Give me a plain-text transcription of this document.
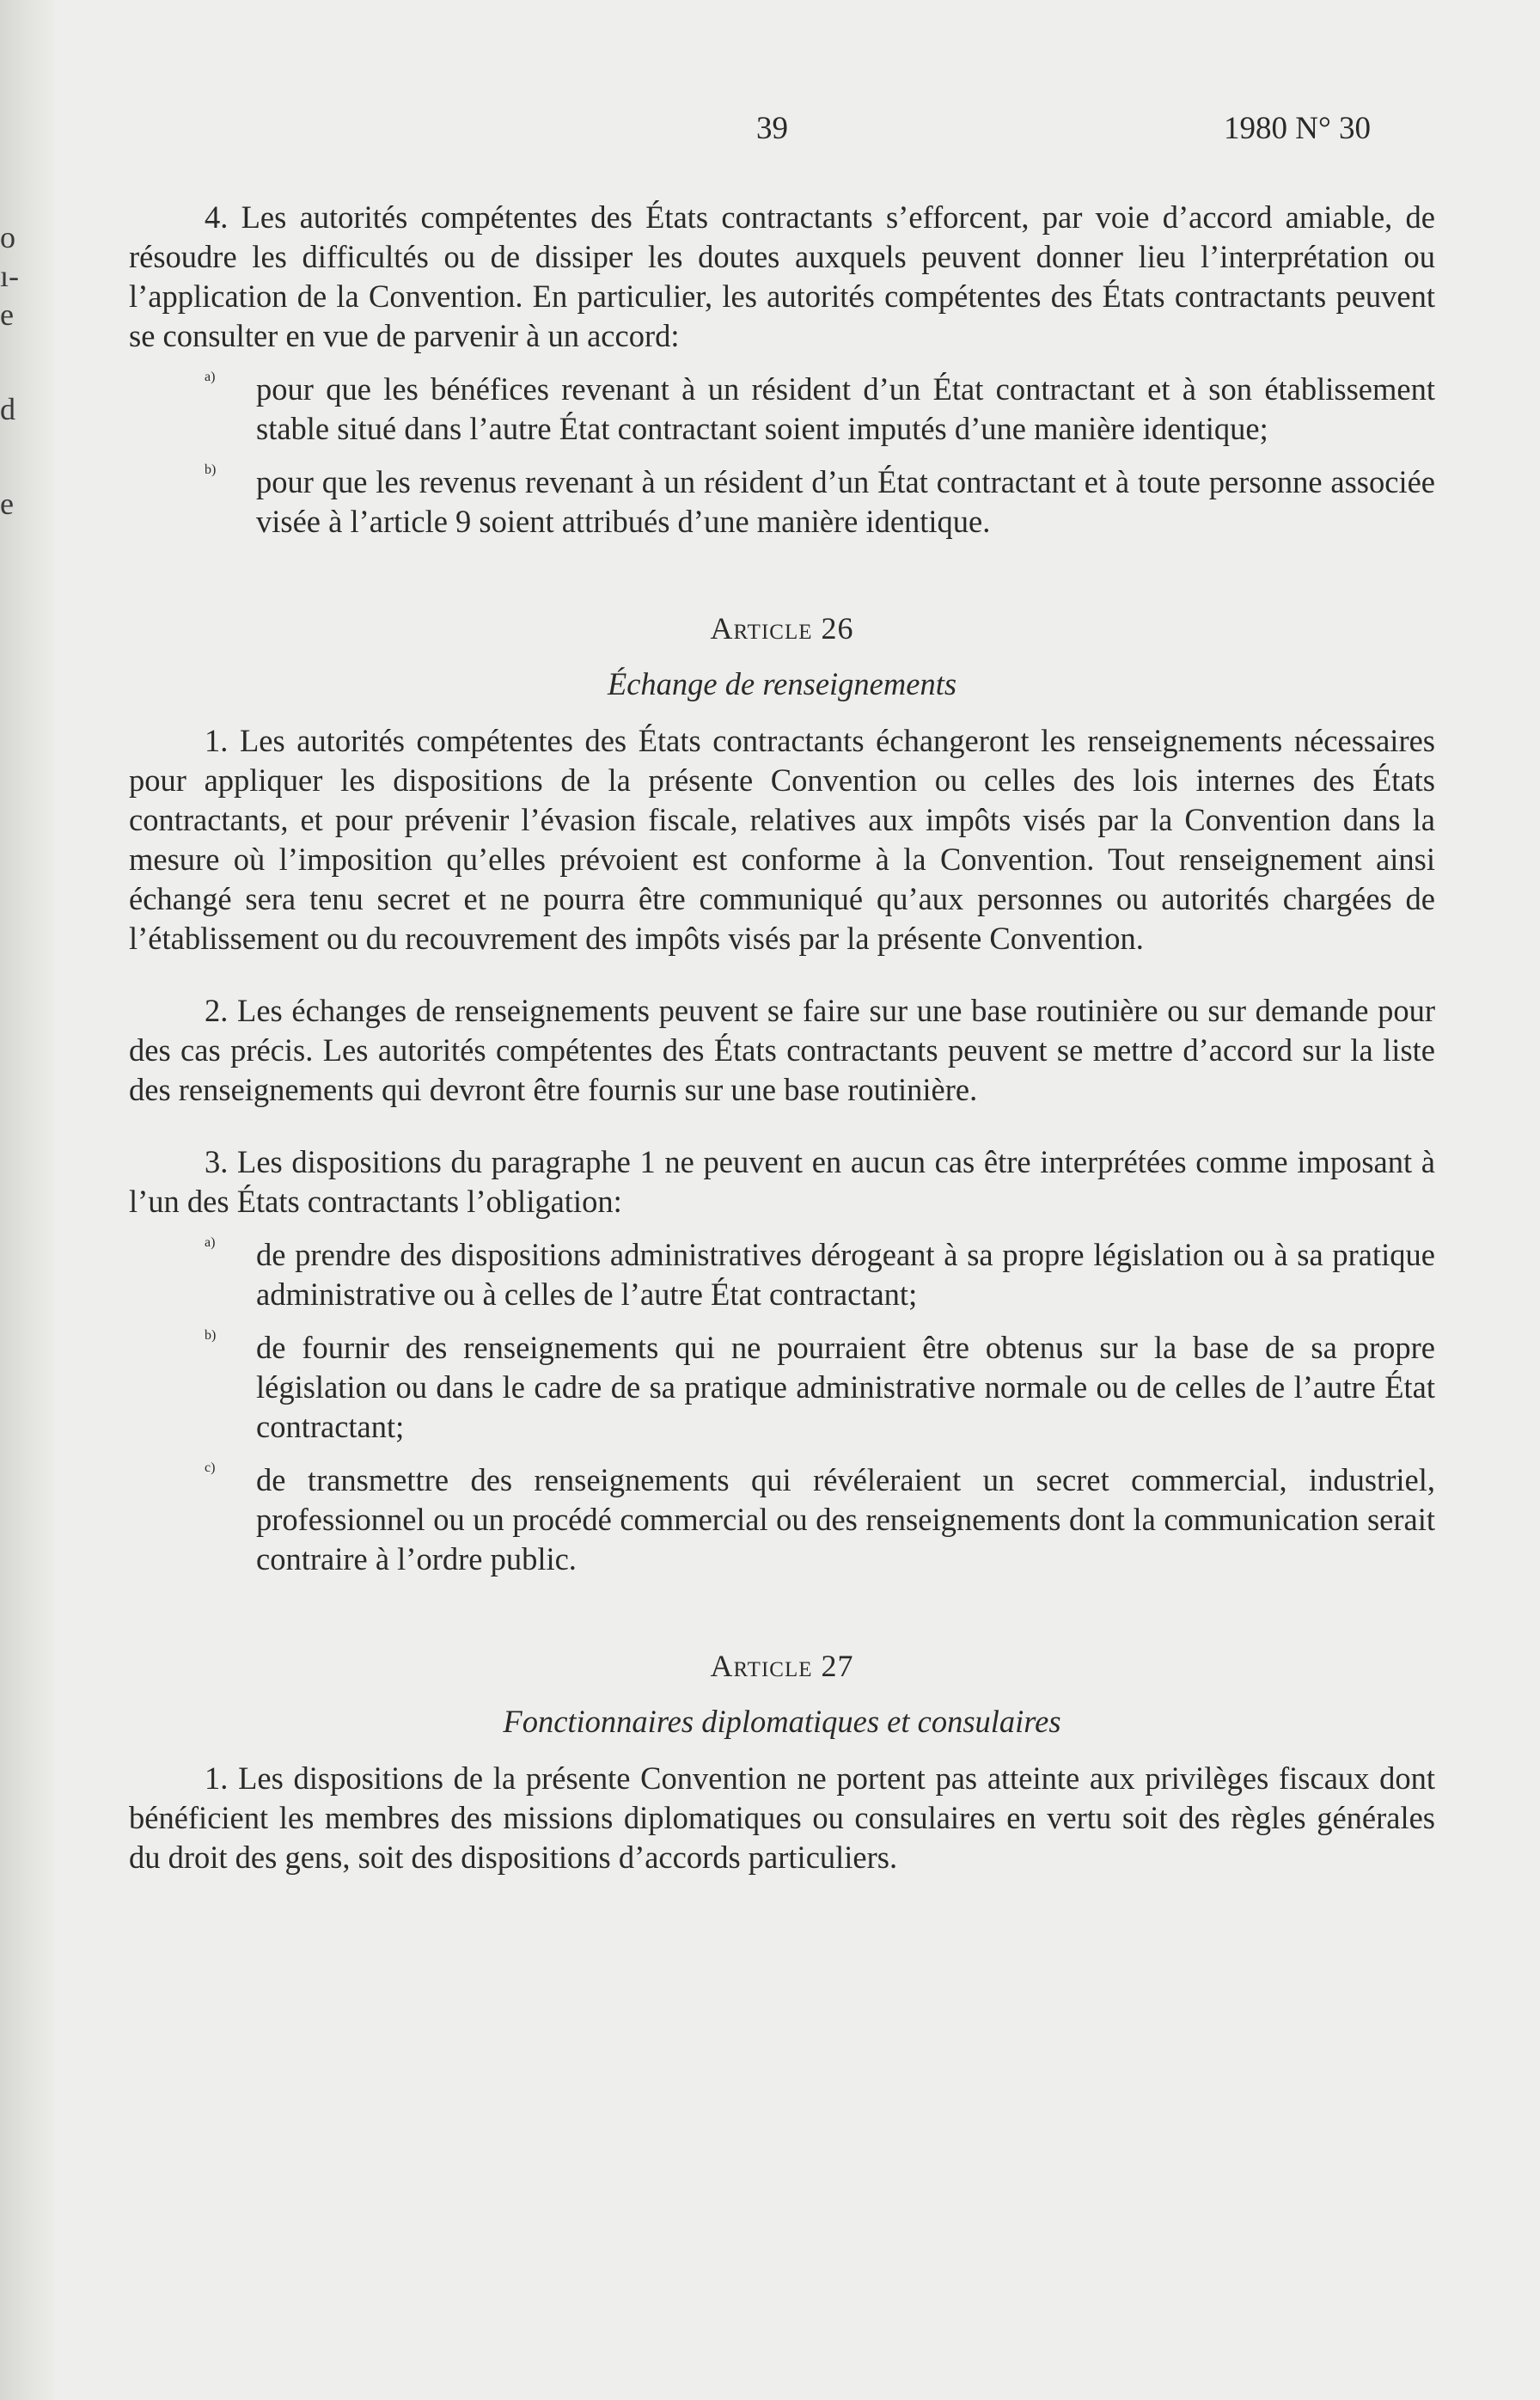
o
ı-
e
d
e
39	1980 N° 30

4. Les autorités compétentes des États contractants s’efforcent, par voie d’accord amiable, de résoudre les difficultés ou de dissiper les doutes auxquels peuvent donner lieu l’interprétation ou l’application de la Convention. En particulier, les autorités compétentes des États contractants peuvent se consulter en vue de parvenir à un accord:

a) pour que les bénéfices revenant à un résident d’un État contractant et à son établissement stable situé dans l’autre État contractant soient imputés d’une manière identique;

b) pour que les revenus revenant à un résident d’un État contractant et à toute personne associée visée à l’article 9 soient attribués d’une manière identique.

Article 26
Échange de renseignements

1. Les autorités compétentes des États contractants échangeront les renseignements nécessaires pour appliquer les dispositions de la présente Convention ou celles des lois internes des États contractants, et pour prévenir l’évasion fiscale, relatives aux impôts visés par la Convention dans la mesure où l’imposition qu’elles prévoient est conforme à la Convention. Tout renseignement ainsi échangé sera tenu secret et ne pourra être communiqué qu’aux personnes ou autorités chargées de l’établissement ou du recouvrement des impôts visés par la présente Convention.

2. Les échanges de renseignements peuvent se faire sur une base routinière ou sur demande pour des cas précis. Les autorités compétentes des États contractants peuvent se mettre d’accord sur la liste des renseignements qui devront être fournis sur une base routinière.

3. Les dispositions du paragraphe 1 ne peuvent en aucun cas être interprétées comme imposant à l’un des États contractants l’obligation:

a) de prendre des dispositions administratives dérogeant à sa propre législation ou à sa pratique administrative ou à celles de l’autre État contractant;

b) de fournir des renseignements qui ne pourraient être obtenus sur la base de sa propre législation ou dans le cadre de sa pratique administrative normale ou de celles de l’autre État contractant;

c) de transmettre des renseignements qui révéleraient un secret commercial, industriel, professionnel ou un procédé commercial ou des renseignements dont la communication serait contraire à l’ordre public.

Article 27
Fonctionnaires diplomatiques et consulaires

1. Les dispositions de la présente Convention ne portent pas atteinte aux privilèges fiscaux dont bénéficient les membres des missions diplomatiques ou consulaires en vertu soit des règles générales du droit des gens, soit des dispositions d’accords particuliers.
